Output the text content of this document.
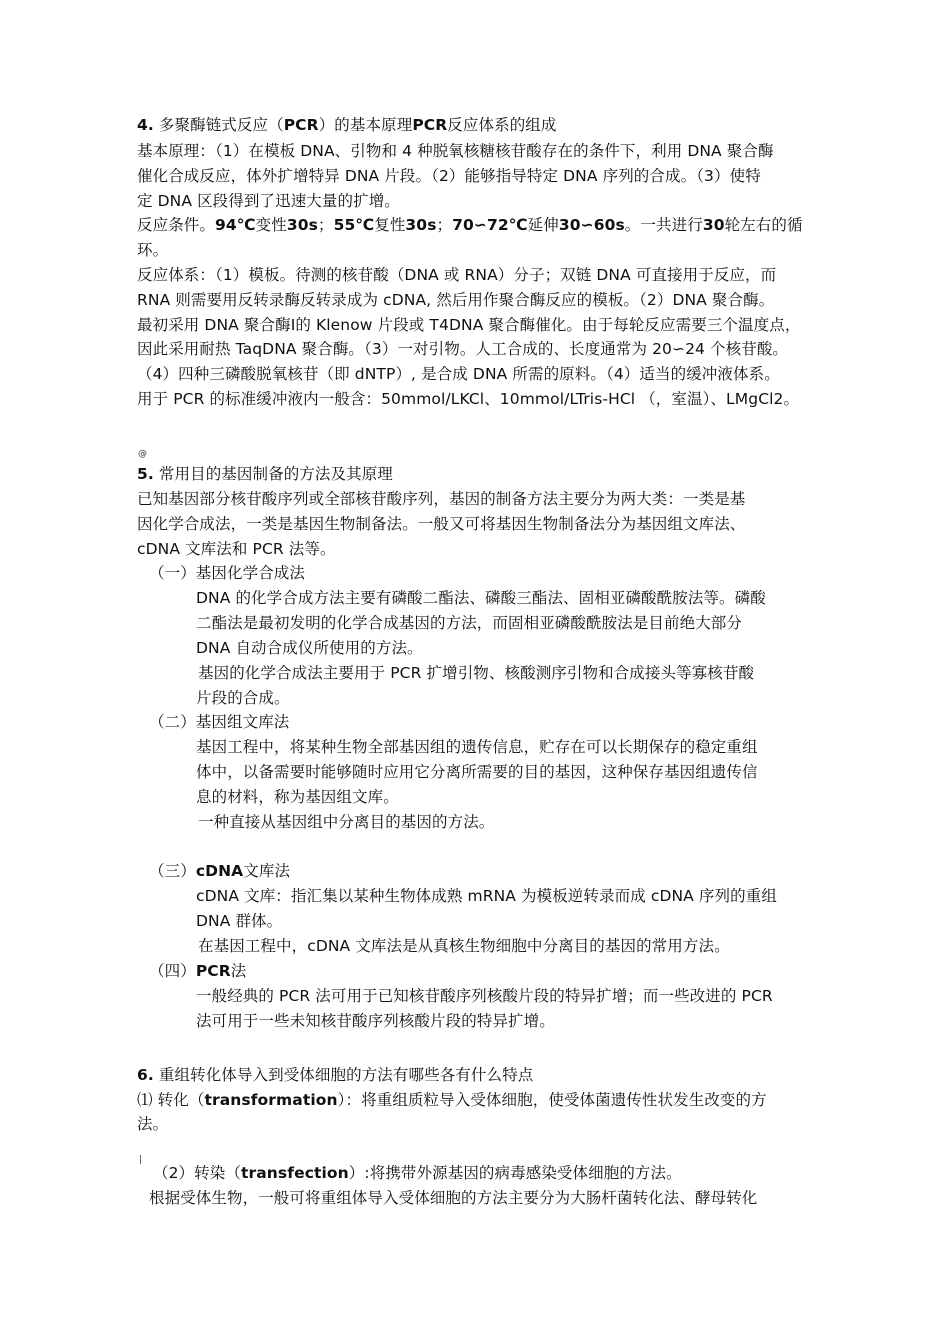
4. 多聚酶链式反应（PCR）的基本原理PCR反应体系的组成
基本原理：（1）在模板 DNA、引物和 4 种脱氧核糖核苷酸存在的条件下，利用 DNA 聚合酶
催化合成反应，体外扩增特异 DNA 片段。（2）能够指导特定 DNA 序列的合成。（3）使特
定 DNA 区段得到了迅速大量的扩增。
反应条件。94℃变性30s；55℃复性30s；70∽72℃延伸30∽60s。一共进行30轮左右的循
环。
反应体系：（1）模板。待测的核苷酸（DNA 或 RNA）分子；双链 DNA 可直接用于反应，而
RNA 则需要用反转录酶反转录成为 cDNA, 然后用作聚合酶反应的模板。（2）DNA 聚合酶。
最初采用 DNA 聚合酶Ⅰ的 Klenow 片段或 T4DNA 聚合酶催化。由于每轮反应需要三个温度点，
因此采用耐热 TaqDNA 聚合酶。（3）一对引物。人工合成的、长度通常为 20∽24 个核苷酸。
（4）四种三磷酸脱氧核苷（即 dNTP）, 是合成 DNA 所需的原料。（4）适当的缓冲液体系。
用于 PCR 的标准缓冲液内一般含：50mmol/LKCl、10mmol/LTris-HCl （，室温）、LMgCl2。
@
5. 常用目的基因制备的方法及其原理
已知基因部分核苷酸序列或全部核苷酸序列，基因的制备方法主要分为两大类：一类是基
因化学合成法，一类是基因生物制备法。一般又可将基因生物制备法分为基因组文库法、
cDNA 文库法和 PCR 法等。
（一）基因化学合成法
DNA 的化学合成方法主要有磷酸二酯法、磷酸三酯法、固相亚磷酸酰胺法等。磷酸
二酯法是最初发明的化学合成基因的方法，而固相亚磷酸酰胺法是目前绝大部分
DNA 自动合成仪所使用的方法。
基因的化学合成法主要用于 PCR 扩增引物、核酸测序引物和合成接头等寡核苷酸
片段的合成。
（二）基因组文库法
基因工程中，将某种生物全部基因组的遗传信息，贮存在可以长期保存的稳定重组
体中，以备需要时能够随时应用它分离所需要的目的基因，这种保存基因组遗传信
息的材料，称为基因组文库。
一种直接从基因组中分离目的基因的方法。
（三）cDNA文库法
cDNA 文库：指汇集以某种生物体成熟 mRNA 为模板逆转录而成 cDNA 序列的重组
DNA 群体。
在基因工程中，cDNA 文库法是从真核生物细胞中分离目的基因的常用方法。
（四）PCR法
一般经典的 PCR 法可用于已知核苷酸序列核酸片段的特异扩增；而一些改进的 PCR
法可用于一些未知核苷酸序列核酸片段的特异扩增。
6. 重组转化体导入到受体细胞的方法有哪些各有什么特点
⑴ 转化（transformation）：将重组质粒导入受体细胞，使受体菌遗传性状发生改变的方
法。
|
（2）转染（transfection）:将携带外源基因的病毒感染受体细胞的方法。
根据受体生物，一般可将重组体导入受体细胞的方法主要分为大肠杆菌转化法、酵母转化
